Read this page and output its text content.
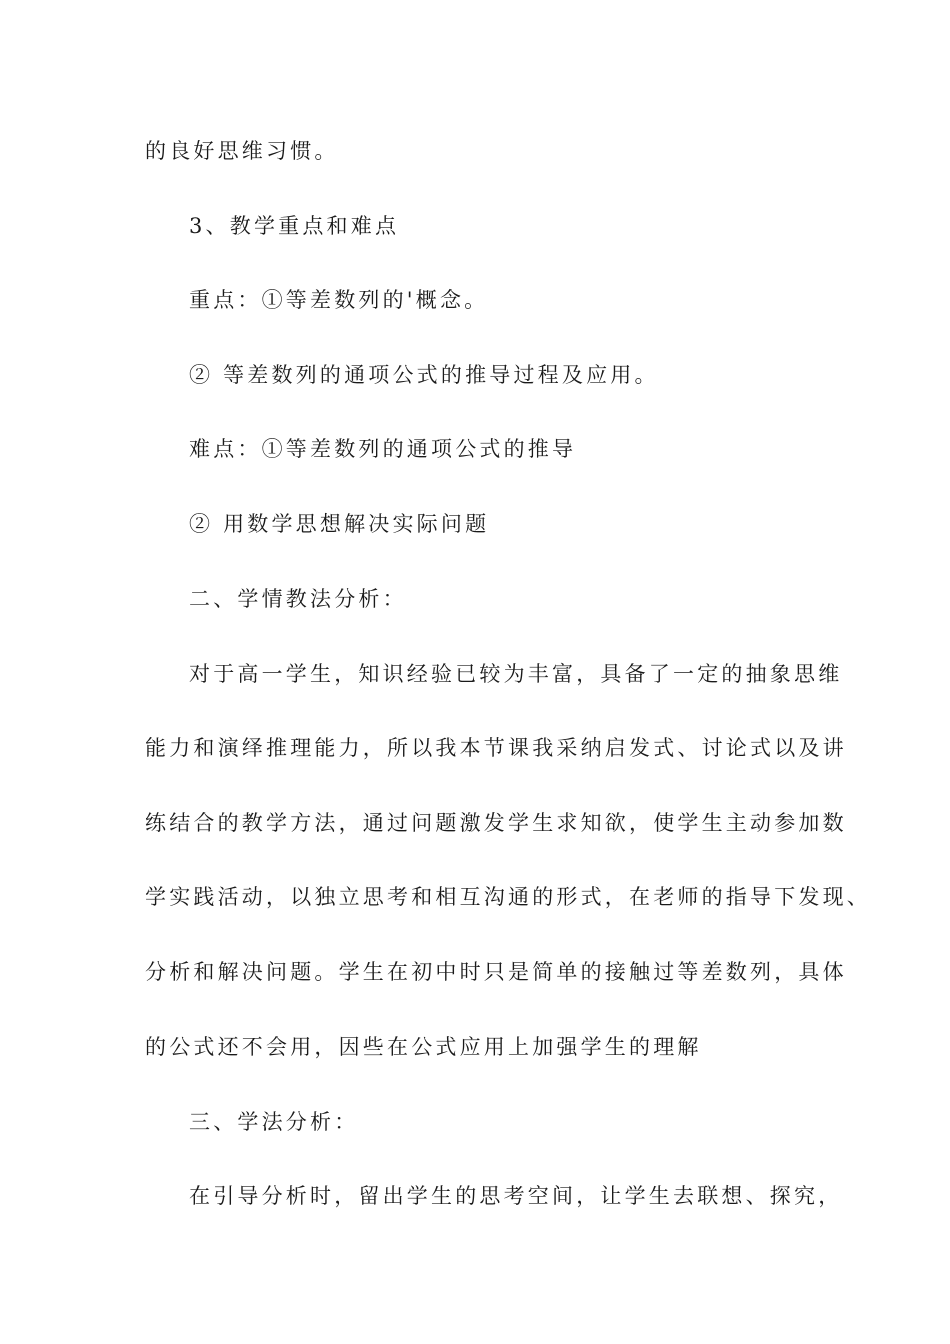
的良好思维习惯。
3、教学重点和难点
重点：①等差数列的'概念。
② 等差数列的通项公式的推导过程及应用。
难点：①等差数列的通项公式的推导
② 用数学思想解决实际问题
二、学情教法分析：
对于高一学生，知识经验已较为丰富，具备了一定的抽象思维
能力和演绎推理能力，所以我本节课我采纳启发式、讨论式以及讲
练结合的教学方法，通过问题激发学生求知欲，使学生主动参加数
学实践活动，以独立思考和相互沟通的形式，在老师的指导下发现、
分析和解决问题。学生在初中时只是简单的接触过等差数列，具体
的公式还不会用，因些在公式应用上加强学生的理解
三、学法分析：
在引导分析时，留出学生的思考空间，让学生去联想、探究，
